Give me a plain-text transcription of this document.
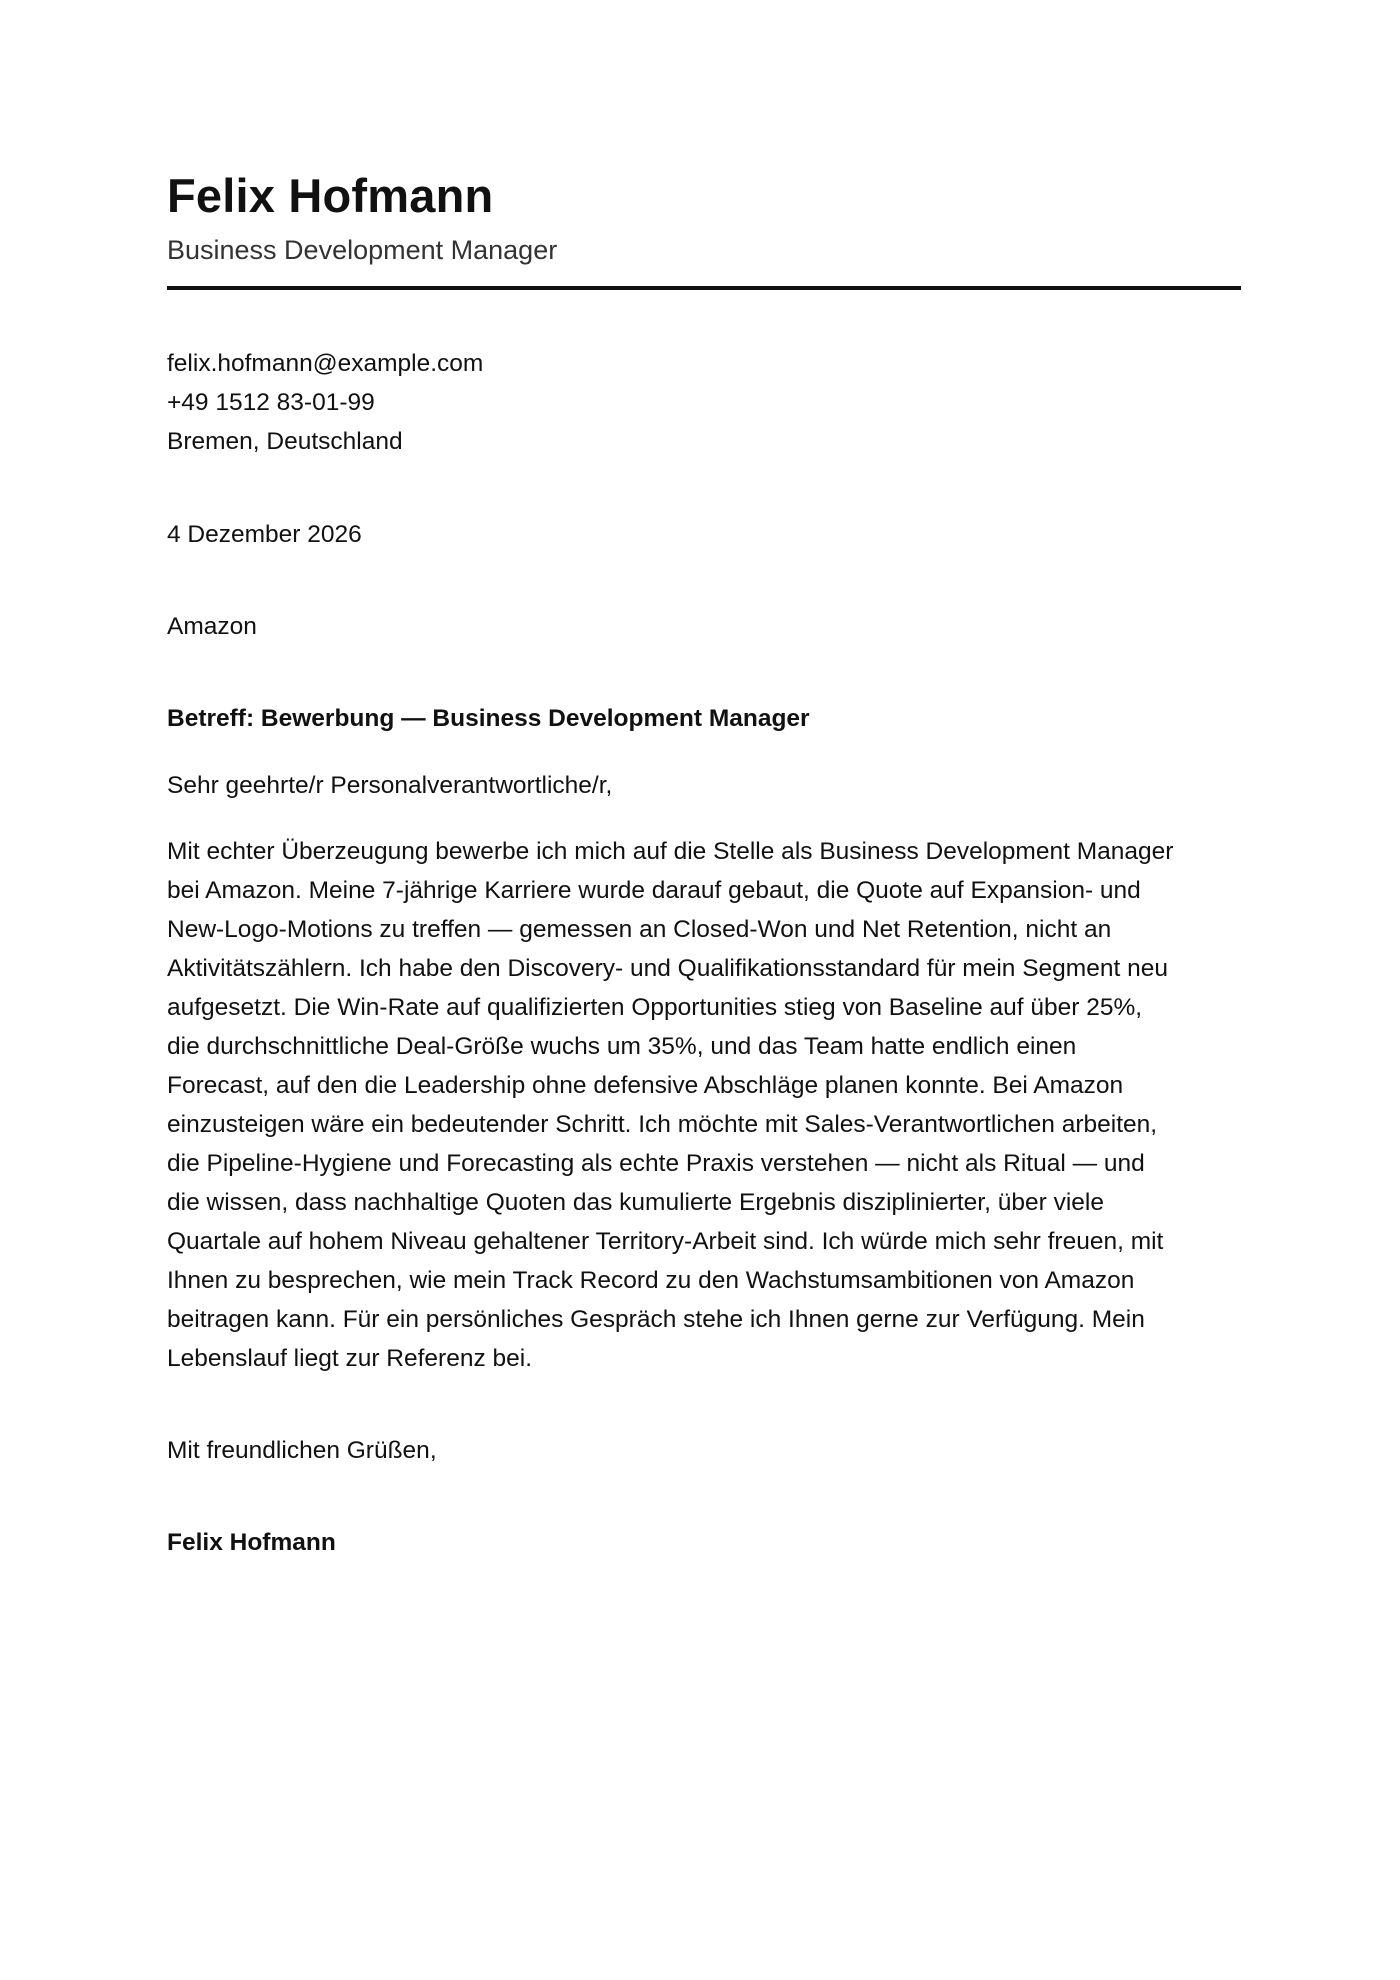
Felix Hofmann
Business Development Manager
felix.hofmann@example.com
+49 1512 83-01-99
Bremen, Deutschland
4 Dezember 2026
Amazon
Betreff: Bewerbung — Business Development Manager
Sehr geehrte/r Personalverantwortliche/r,
Mit echter Überzeugung bewerbe ich mich auf die Stelle als Business Development Manager
bei Amazon. Meine 7-jährige Karriere wurde darauf gebaut, die Quote auf Expansion- und
New-Logo-Motions zu treffen — gemessen an Closed-Won und Net Retention, nicht an
Aktivitätszählern. Ich habe den Discovery- und Qualifikationsstandard für mein Segment neu
aufgesetzt. Die Win-Rate auf qualifizierten Opportunities stieg von Baseline auf über 25%,
die durchschnittliche Deal-Größe wuchs um 35%, und das Team hatte endlich einen
Forecast, auf den die Leadership ohne defensive Abschläge planen konnte. Bei Amazon
einzusteigen wäre ein bedeutender Schritt. Ich möchte mit Sales-Verantwortlichen arbeiten,
die Pipeline-Hygiene und Forecasting als echte Praxis verstehen — nicht als Ritual — und
die wissen, dass nachhaltige Quoten das kumulierte Ergebnis disziplinierter, über viele
Quartale auf hohem Niveau gehaltener Territory-Arbeit sind. Ich würde mich sehr freuen, mit
Ihnen zu besprechen, wie mein Track Record zu den Wachstumsambitionen von Amazon
beitragen kann. Für ein persönliches Gespräch stehe ich Ihnen gerne zur Verfügung. Mein
Lebenslauf liegt zur Referenz bei.
Mit freundlichen Grüßen,
Felix Hofmann
